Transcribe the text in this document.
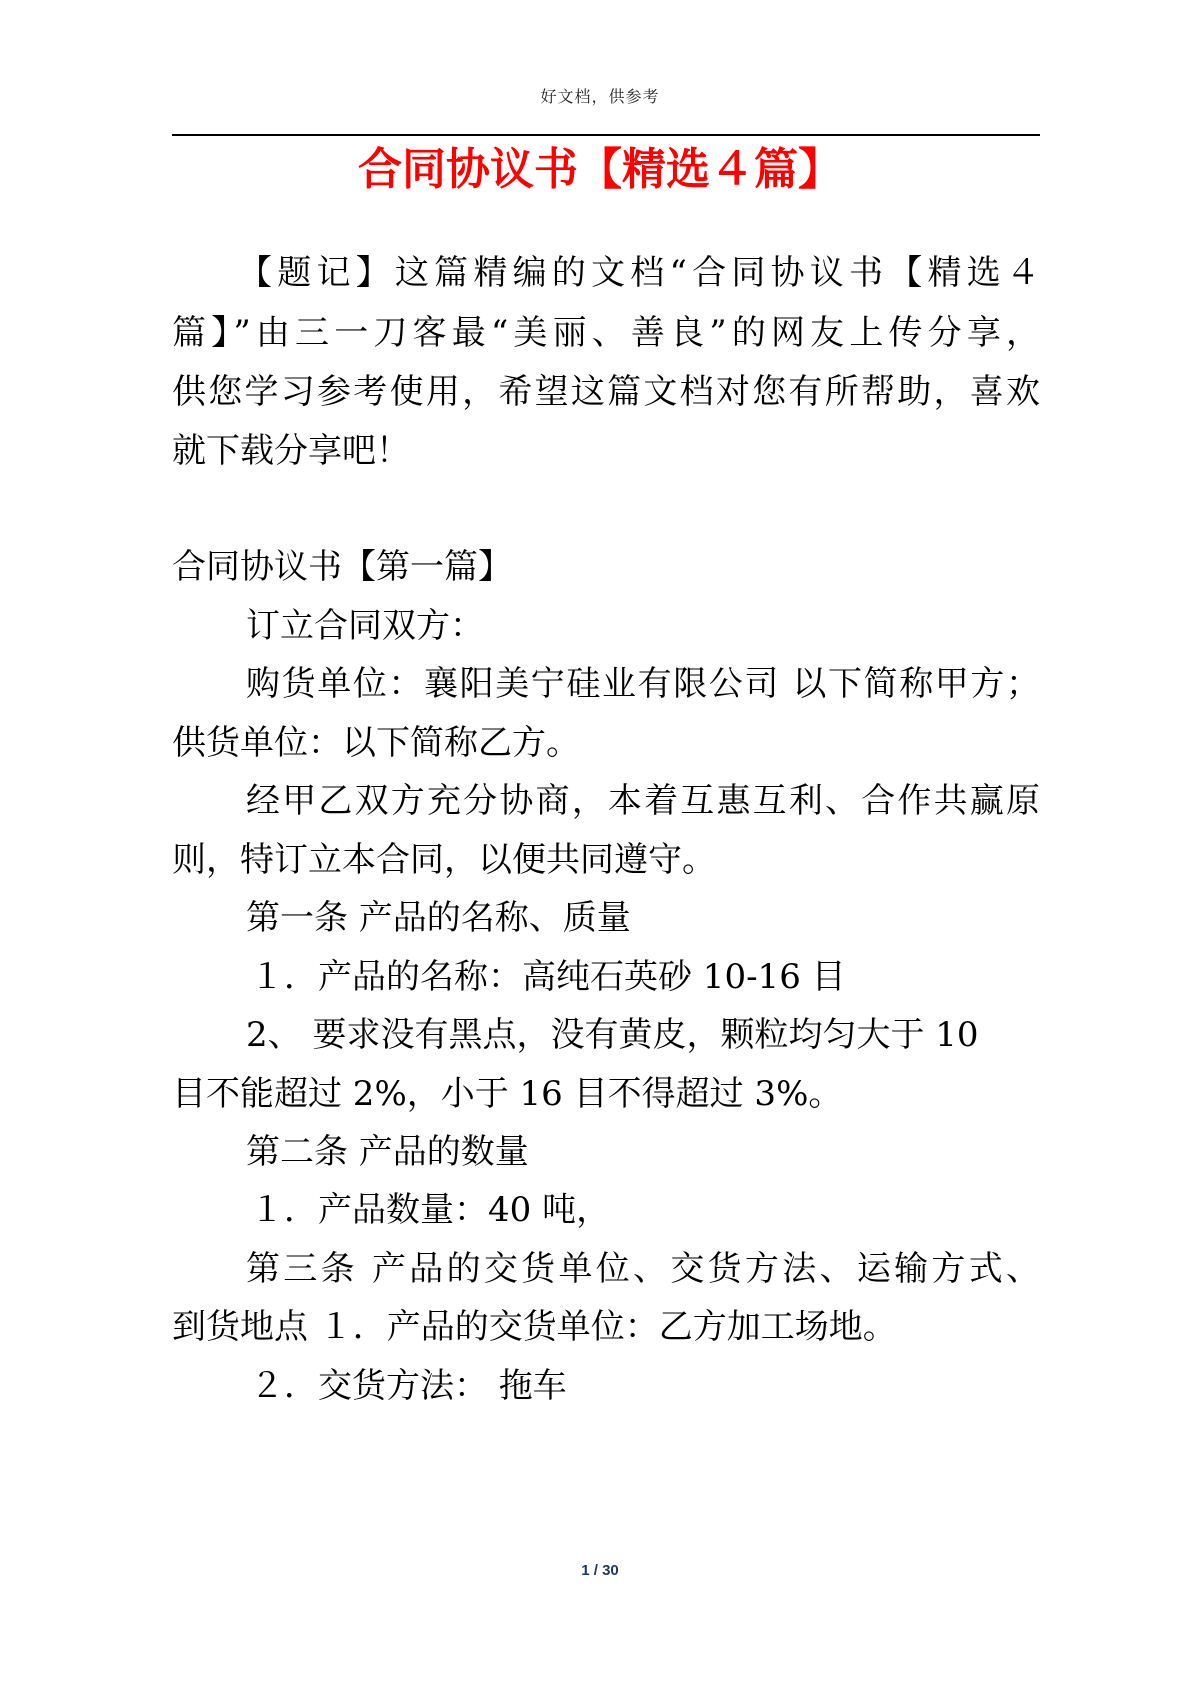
好文档，供参考
合同协议书【精选４篇】
【题记】这篇精编的文档“合同协议书【精选４
篇】”由三一刀客最“美丽、善良”的网友上传分享，
供您学习参考使用，希望这篇文档对您有所帮助，喜欢
就下载分享吧！
合同协议书【第一篇】
订立合同双方：
购货单位：襄阳美宁硅业有限公司 以下简称甲方；
供货单位：以下简称乙方。
经甲乙双方充分协商，本着互惠互利、合作共赢原
则，特订立本合同，以便共同遵守。
第一条 产品的名称、质量
１．产品的名称：高纯石英砂 10-16 目
2、 要求没有黑点，没有黄皮，颗粒均匀大于 10
目不能超过 2%，小于 16 目不得超过 3%。
第二条 产品的数量
１．产品数量：40 吨，
第三条 产品的交货单位、交货方法、运输方式、
到货地点 １．产品的交货单位：乙方加工场地。
２．交货方法： 拖车
1 / 30
